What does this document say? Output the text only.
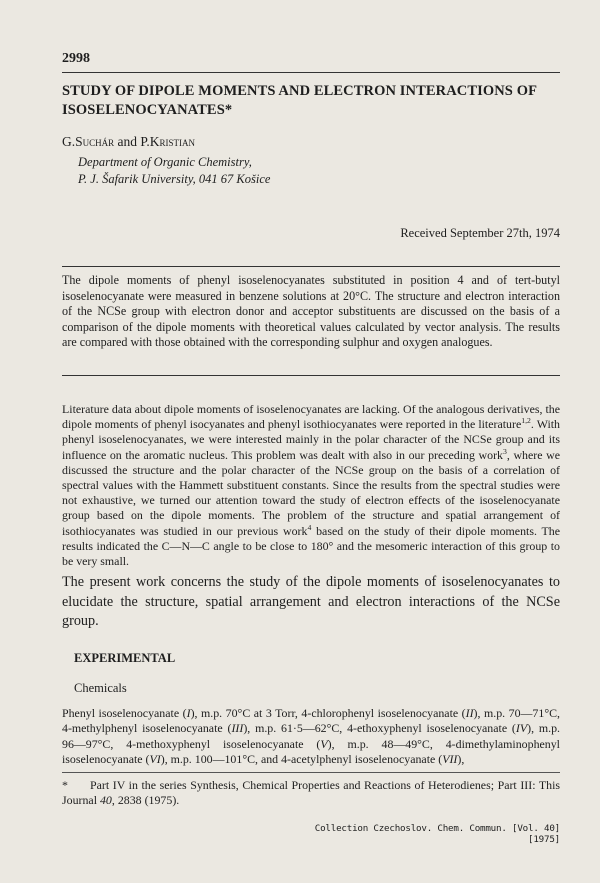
2998
STUDY OF DIPOLE MOMENTS AND ELECTRON INTERACTIONS OF ISOSELENOCYANATES*
G.Suchár and P.Kristian
Department of Organic Chemistry,
P. J. Šafarik University, 041 67 Košice
Received September 27th, 1974
The dipole moments of phenyl isoselenocyanates substituted in position 4 and of tert-butyl isoselenocyanate were measured in benzene solutions at 20°C. The structure and electron interaction of the NCSe group with electron donor and acceptor substituents are discussed on the basis of a comparison of the dipole moments with theoretical values calculated by vector analysis. The results are compared with those obtained with the corresponding sulphur and oxygen analogues.
Literature data about dipole moments of isoselenocyanates are lacking. Of the analogous derivatives, the dipole moments of phenyl isocyanates and phenyl isothiocyanates were reported in the literature$^{1,2}$. With phenyl isoselenocyanates, we were interested mainly in the polar character of the NCSe group and its influence on the aromatic nucleus. This problem was dealt with also in our preceding work$^3$, where we discussed the structure and the polar character of the NCSe group on the basis of a correlation of spectral values with the Hammett substituent constants. Since the results from the spectral studies were not exhaustive, we turned our attention toward the study of electron effects of the isoselenocyanate group based on the dipole moments. The problem of the structure and spatial arrangement of isothiocyanates was studied in our previous work$^4$ based on the study of their dipole moments. The results indicated the C—N—C angle to be close to 180° and the mesomeric interaction of this group to be very small.
The present work concerns the study of the dipole moments of isoselenocyanates to elucidate the structure, spatial arrangement and electron interactions of the NCSe group.
EXPERIMENTAL
Chemicals
Phenyl isoselenocyanate (I), m.p. 70°C at 3 Torr, 4-chlorophenyl isoselenocyanate (II), m.p. 70—71°C, 4-methylphenyl isoselenocyanate (III), m.p. 61·5—62°C, 4-ethoxyphenyl isoselenocyanate (IV), m.p. 96—97°C, 4-methoxyphenyl isoselenocyanate (V), m.p. 48—49°C, 4-dimethylaminophenyl isoselenocyanate (VI), m.p. 100—101°C, and 4-acetylphenyl isoselenocyanate (VII),
* Part IV in the series Synthesis, Chemical Properties and Reactions of Heterodienes; Part III: This Journal 40, 2838 (1975).
Collection Czechoslov. Chem. Commun. [Vol. 40] [1975]
